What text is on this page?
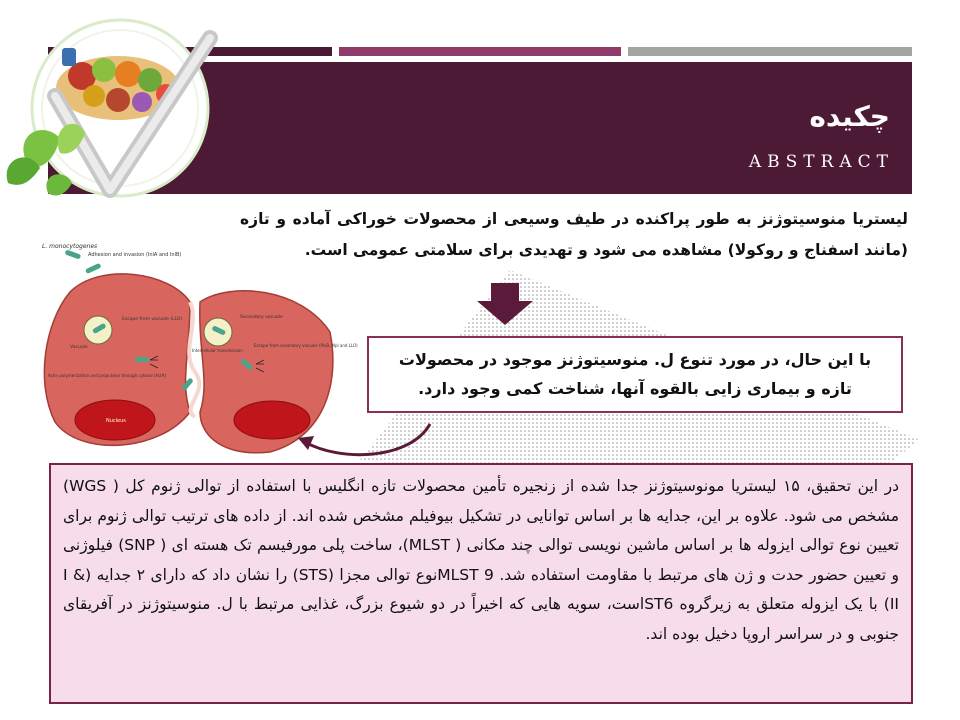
چکیده
ABSTRACT
لیستریا منوسیتوژنز به طور پراکنده در طیف وسیعی از محصولات خوراکی آماده و تازه (مانند اسفناج و روکولا) مشاهده می شود و تهدیدی برای سلامتی عمومی است.
L. monocytogenes
Adhesion and invasion (InlA and InlB)
Escape from vacuole (LLO)
Vacuole
Secondary vacuole
Actin polymerization and propulsion through cytosol (ActA)
Intercellular transmission
Escape from secondary vacuole (PlcB, Mpl and LLO)
Nucleus
با این حال، در مورد تنوع ل. منوسیتوژنز موجود در محصولات تازه و بیماری زایی بالقوه آنها، شناخت کمی وجود دارد.
در این تحقیق، ۱۵ لیستریا مونوسیتوژنز جدا شده از زنجیره تأمین محصولات تازه انگلیس با استفاده از توالی ژنوم کل ( WGS) مشخص می شود. علاوه بر این، جدایه ها بر اساس توانایی در تشکیل بیوفیلم مشخص شده اند. از داده های ترتیب توالی ژنوم برای تعیین نوع توالی ایزوله ها بر اساس ماشین نویسی توالی چند مکانی ( MLST)، ساخت پلی مورفیسم تک هسته ای ( SNP) فیلوژنی و تعیین حضور حدت و ژن های مرتبط با مقاومت استفاده شد. 9 MLSTنوع توالی مجزا (STS) را نشان داد که دارای ۲ جدایه (I & II) با یک ایزوله متعلق به زیرگروه ST6است، سویه هایی که اخیراً در دو شیوع بزرگ، غذایی مرتبط با ل. منوسیتوژنز در آفریقای جنوبی و در سراسر اروپا دخیل بوده اند.
